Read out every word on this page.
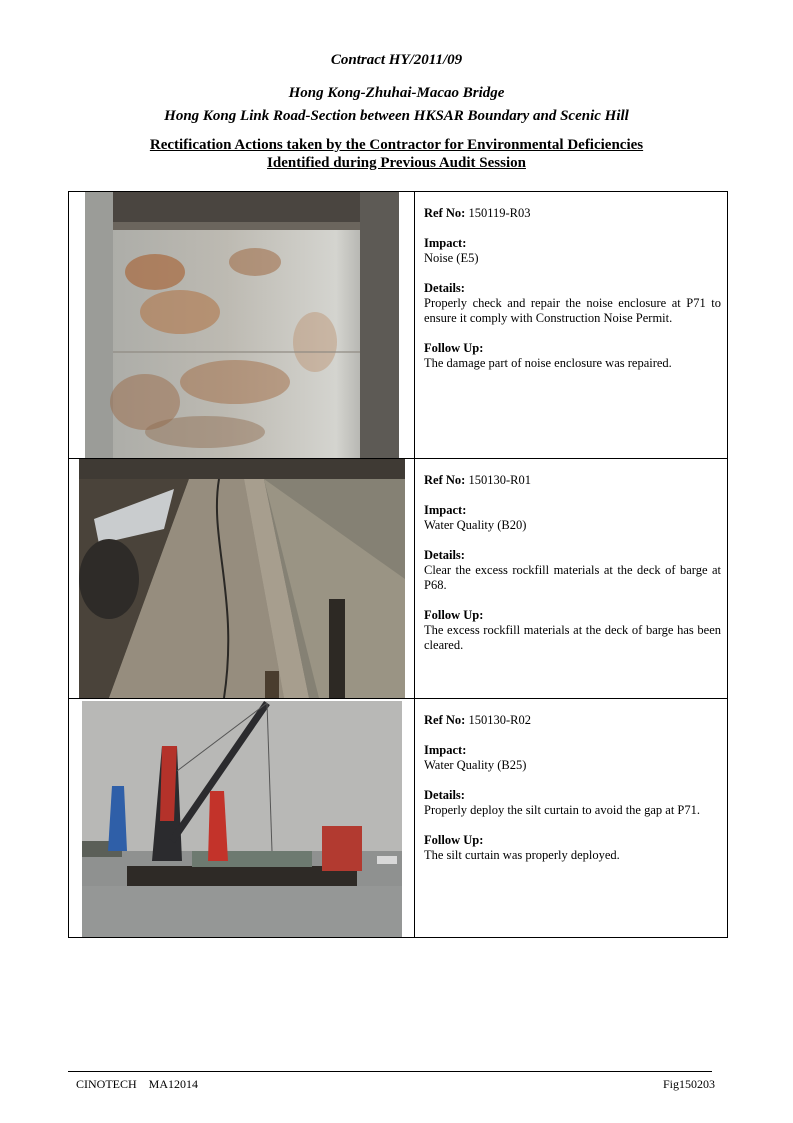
Contract HY/2011/09
Hong Kong-Zhuhai-Macao Bridge
Hong Kong Link Road-Section between HKSAR Boundary and Scenic Hill
Rectification Actions taken by the Contractor for Environmental Deficiencies
Identified during Previous Audit Session
Ref No: 150119-R03
Impact:
Noise (E5)
Details:
Properly check and repair the noise enclosure at P71 to ensure it comply with Construction Noise Permit.
Follow Up:
The damage part of noise enclosure was repaired.
Ref No: 150130-R01
Impact:
Water Quality (B20)
Details:
Clear the excess rockfill materials at the deck of barge at P68.
Follow Up:
The excess rockfill materials at the deck of barge has been cleared.
Ref No: 150130-R02
Impact:
Water Quality (B25)
Details:
Properly deploy the silt curtain to avoid the gap at P71.
Follow Up:
The silt curtain was properly deployed.
CINOTECH    MA12014	Fig150203
